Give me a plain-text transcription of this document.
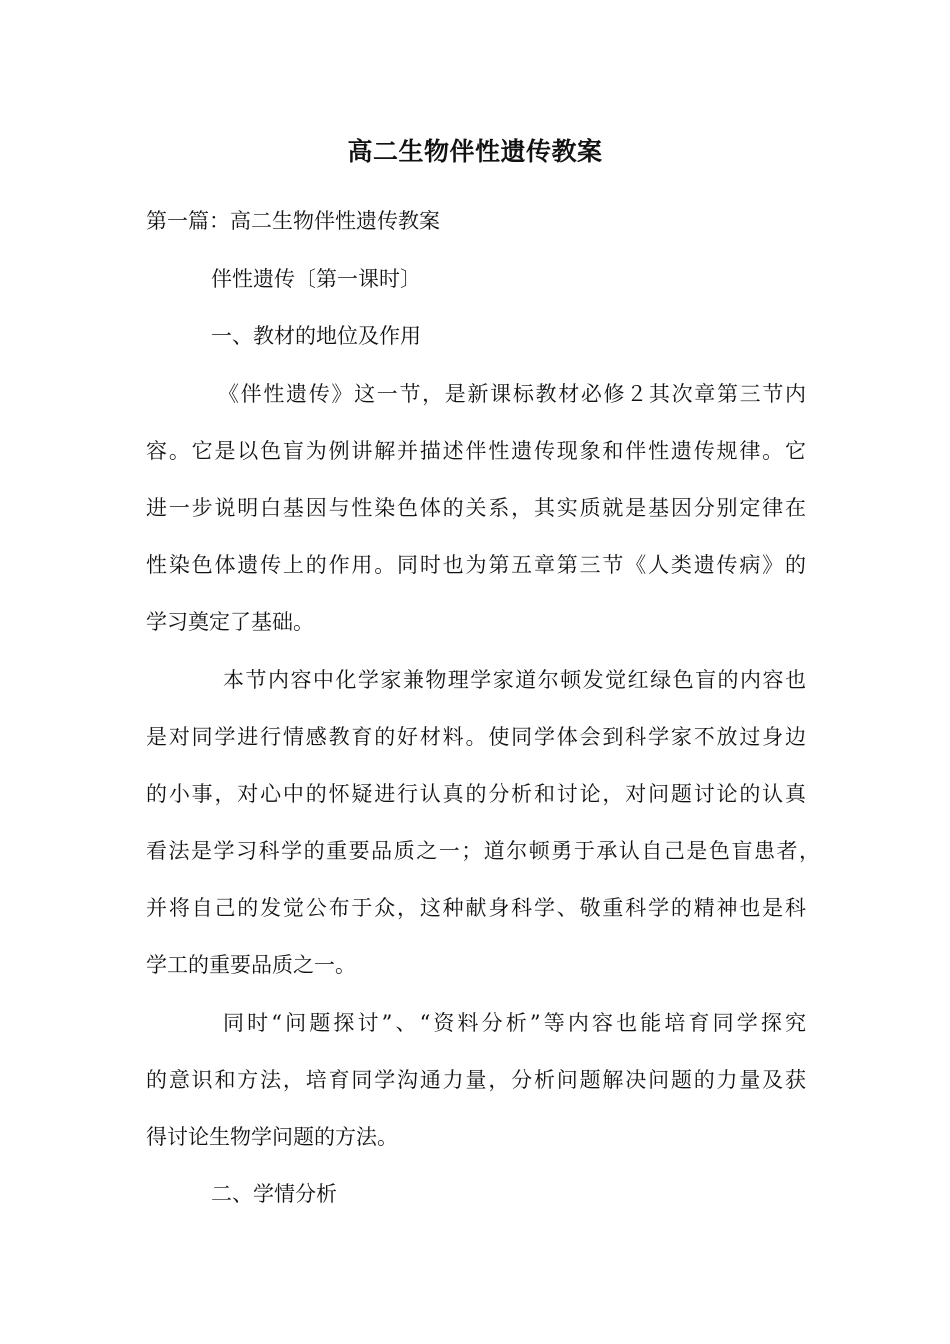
高二生物伴性遗传教案
第一篇：高二生物伴性遗传教案
伴性遗传〔第一课时〕
一、教材的地位及作用
《伴性遗传》这一节，是新课标教材必修２其次章第三节内
容。它是以色盲为例讲解并描述伴性遗传现象和伴性遗传规律。它
进一步说明白基因与性染色体的关系，其实质就是基因分别定律在
性染色体遗传上的作用。同时也为第五章第三节《人类遗传病》的
学习奠定了基础。
本节内容中化学家兼物理学家道尔顿发觉红绿色盲的内容也
是对同学进行情感教育的好材料。使同学体会到科学家不放过身边
的小事，对心中的怀疑进行认真的分析和讨论，对问题讨论的认真
看法是学习科学的重要品质之一；道尔顿勇于承认自己是色盲患者，
并将自己的发觉公布于众，这种献身科学、敬重科学的精神也是科
学工的重要品质之一。
同时“问题探讨”、“资料分析”等内容也能培育同学探究
的意识和方法，培育同学沟通力量，分析问题解决问题的力量及获
得讨论生物学问题的方法。
二、学情分析
